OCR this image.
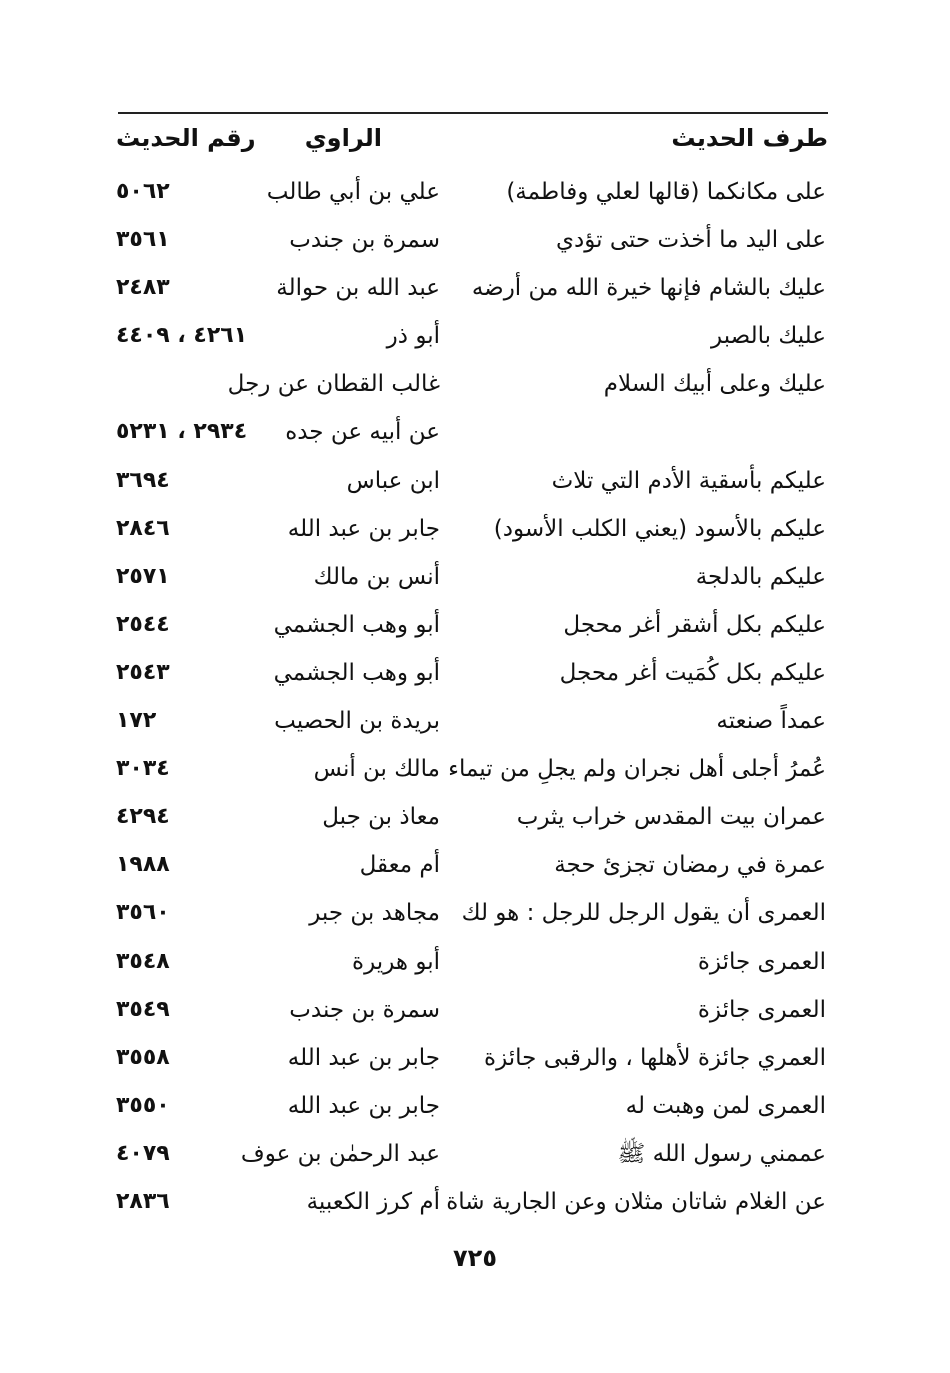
طرف الحديث
الراوي
رقم الحديث
على مكانكما (قالها لعلي وفاطمة)
علي بن أبي طالب
٥٠٦٢
على اليد ما أخذت حتى تؤدي
سمرة بن جندب
٣٥٦١
عليك بالشام فإنها خيرة الله من أرضه
عبد الله بن حوالة
٢٤٨٣
عليك بالصبر
أبو ذر
٤٢٦١ ، ٤٤٠٩
عليك وعلى أبيك السلام
غالب القطان عن رجل
عن أبيه عن جده
٢٩٣٤ ، ٥٢٣١
عليكم بأسقية الأدم التي تلاث
ابن عباس
٣٦٩٤
عليكم بالأسود (يعني الكلب الأسود)
جابر بن عبد الله
٢٨٤٦
عليكم بالدلجة
أنس بن مالك
٢٥٧١
عليكم بكل أشقر أغر محجل
أبو وهب الجشمي
٢٥٤٤
عليكم بكل كُمَيت أغر محجل
أبو وهب الجشمي
٢٥٤٣
عمداً صنعته
بريدة بن الحصيب
١٧٢
عُمرُ أجلى أهل نجران ولم يجلِ من تيماء
مالك بن أنس
٣٠٣٤
عمران بيت المقدس خراب يثرب
معاذ بن جبل
٤٢٩٤
عمرة في رمضان تجزئ حجة
أم معقل
١٩٨٨
العمرى أن يقول الرجل للرجل : هو لك
مجاهد بن جبر
٣٥٦٠
العمرى جائزة
أبو هريرة
٣٥٤٨
العمرى جائزة
سمرة بن جندب
٣٥٤٩
العمري جائزة لأهلها ، والرقبى جائزة
جابر بن عبد الله
٣٥٥٨
العمرى لمن وهبت له
جابر بن عبد الله
٣٥٥٠
عممني رسول الله ﷺ
عبد الرحمٰن بن عوف
٤٠٧٩
عن الغلام شاتان مثلان وعن الجارية شاة
أم كرز الكعبية
٢٨٣٦
٧٢٥
